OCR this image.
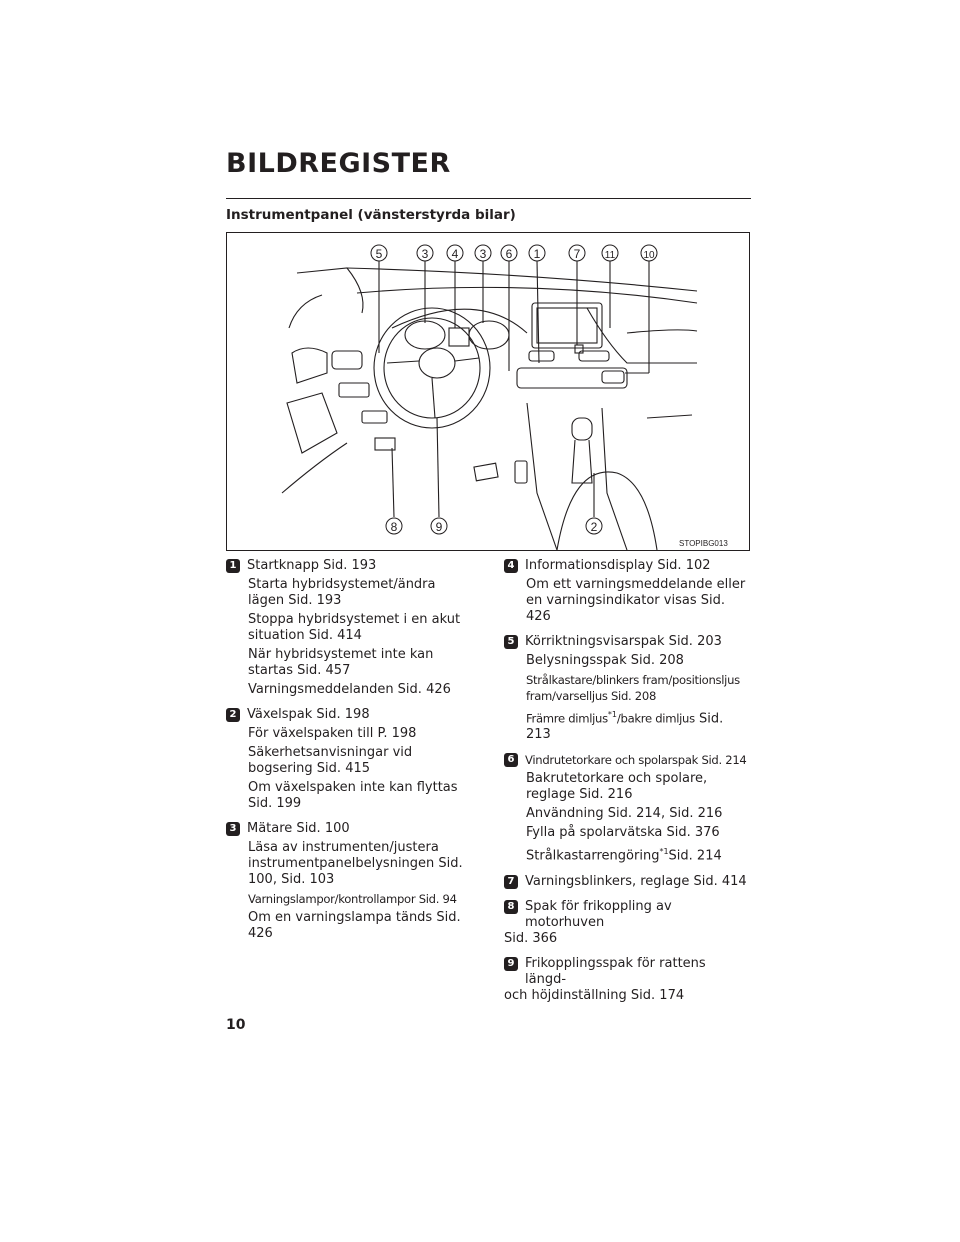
BILDREGISTER
Instrumentpanel (vänsterstyrda bilar)
5	3 4 3 6 1	7 11	10
8	9	2
STOPIBG013
1 Startknapp Sid. 193
Starta hybridsystemet/ändra lägen Sid. 193
Stoppa hybridsystemet i en akut situation Sid. 414
När hybridsystemet inte kan startas Sid. 457
Varningsmeddelanden Sid. 426
2 Växelspak Sid. 198
För växelspaken till P. 198
Säkerhetsanvisningar vid bogsering Sid. 415
Om växelspaken inte kan flyttas Sid. 199
3 Mätare Sid. 100
Läsa av instrumenten/justera instrumentpanelbelysningen Sid. 100, Sid. 103
Varningslampor/kontrollampor Sid. 94
Om en varningslampa tänds Sid. 426
4 Informationsdisplay Sid. 102
Om ett varningsmeddelande eller en varningsindikator visas Sid. 426
5 Körriktningsvisarspak Sid. 203
Belysningsspak Sid. 208
Strålkastare/blinkers fram/positionsljus fram/varselljus Sid. 208
Främre dimljus$^{*1}$/bakre dimljus Sid. 213
6 Vindrutetorkare och spolarspak Sid. 214
Bakrutetorkare och spolare, reglage Sid. 216
Användning Sid. 214, Sid. 216
Fylla på spolarvätska Sid. 376
Strålkastarrengöring$^{*1}$Sid. 214
7 Varningsblinkers, reglage Sid. 414
8 Spak för frikoppling av motorhuven
Sid. 366
9 Frikopplingsspak för rattens längd-
och höjdinställning Sid. 174
10
